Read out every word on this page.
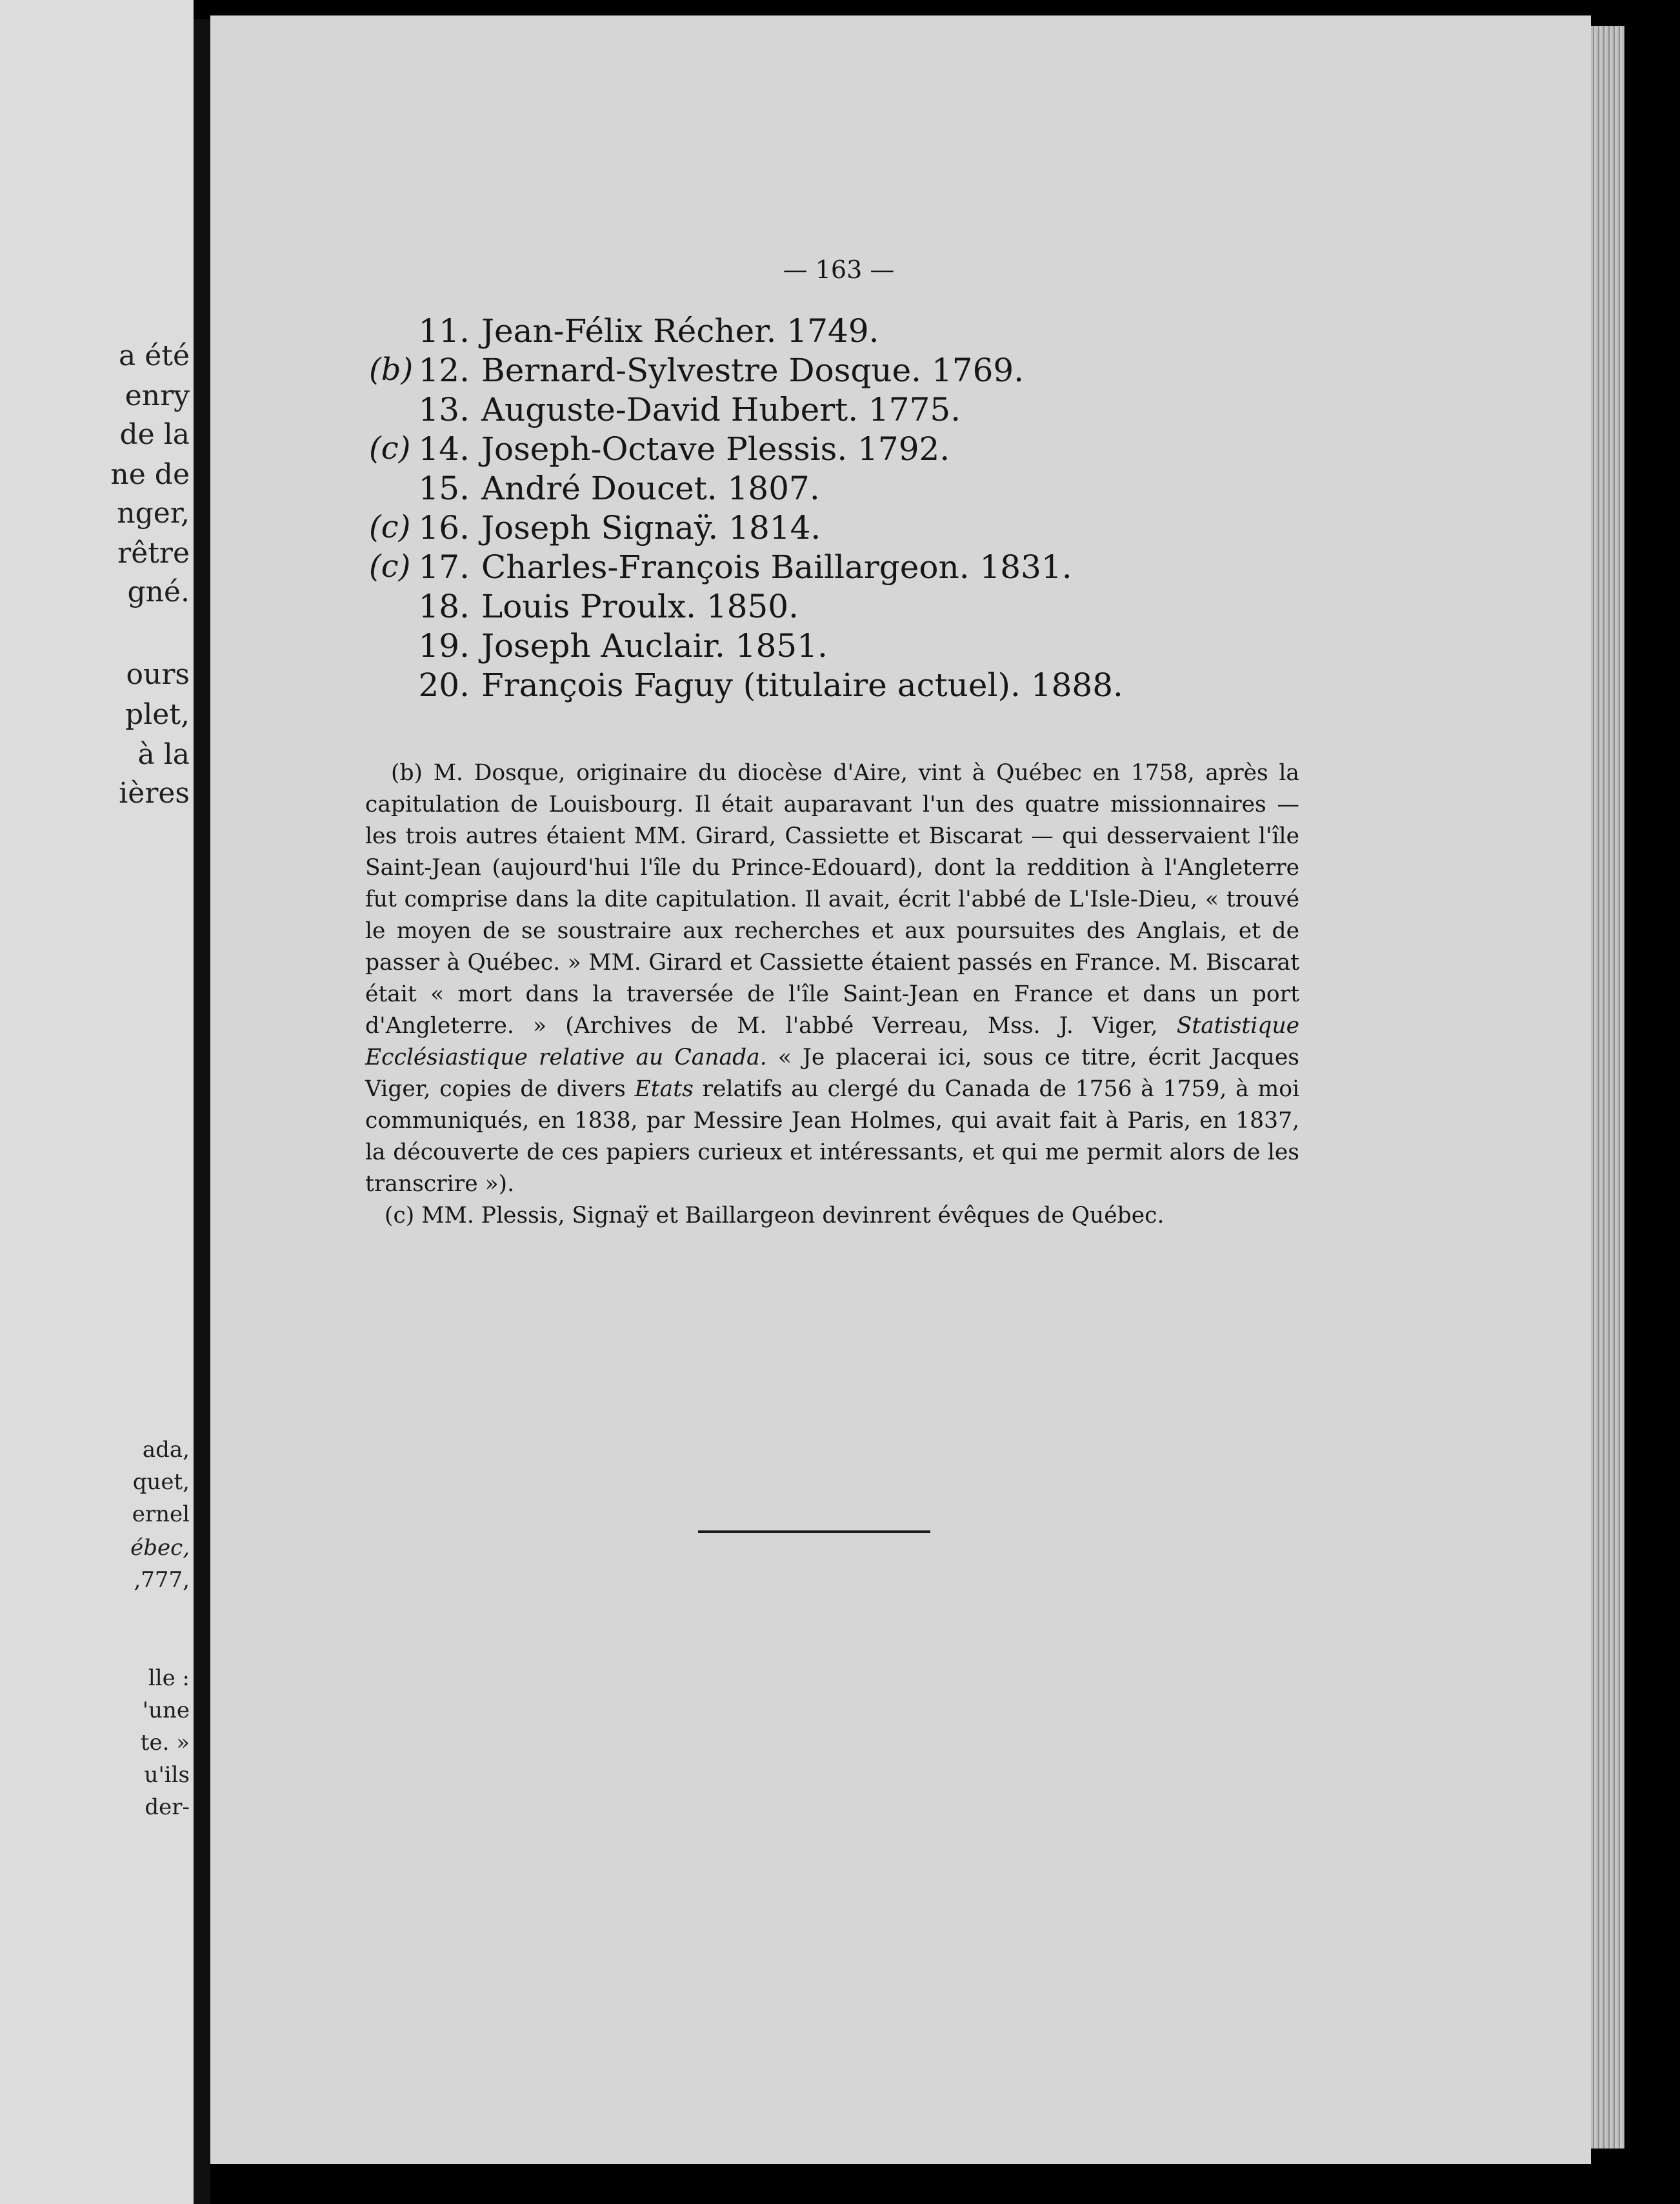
a été
enry
de la
ne de
nger,
rêtre
gné.
ours
plet,
à la
ières
ada,
quet,
ernel
ébec,
,777,
lle :
'une
te. »
u'ils
der-
— 163 —
11. Jean-Félix Récher. 1749.
(b) 12. Bernard-Sylvestre Dosque. 1769.
13. Auguste-David Hubert. 1775.
(c) 14. Joseph-Octave Plessis. 1792.
15. André Doucet. 1807.
(c) 16. Joseph Signaÿ. 1814.
(c) 17. Charles-François Baillargeon. 1831.
18. Louis Proulx. 1850.
19. Joseph Auclair. 1851.
20. François Faguy (titulaire actuel). 1888.

(b) M. Dosque, originaire du diocèse d'Aire, vint à Québec en 1758, après la capitulation de Louisbourg. Il était auparavant l'un des quatre missionnaires — les trois autres étaient MM. Girard, Cassiette et Biscarat — qui desservaient l'île Saint-Jean (aujourd'hui l'île du Prince-Edouard), dont la reddition à l'Angleterre fut comprise dans la dite capitulation. Il avait, écrit l'abbé de L'Isle-Dieu, « trouvé le moyen de se soustraire aux recherches et aux poursuites des Anglais, et de passer à Québec. » MM. Girard et Cassiette étaient passés en France. M. Biscarat était « mort dans la traversée de l'île Saint-Jean en France et dans un port d'Angleterre. » (Archives de M. l'abbé Verreau, Mss. J. Viger, Statistique Ecclésiastique relative au Canada. « Je placerai ici, sous ce titre, écrit Jacques Viger, copies de divers Etats relatifs au clergé du Canada de 1756 à 1759, à moi communiqués, en 1838, par Messire Jean Holmes, qui avait fait à Paris, en 1837, la découverte de ces papiers curieux et intéressants, et qui me permit alors de les transcrire »).

(c) MM. Plessis, Signaÿ et Baillargeon devinrent évêques de Québec.
